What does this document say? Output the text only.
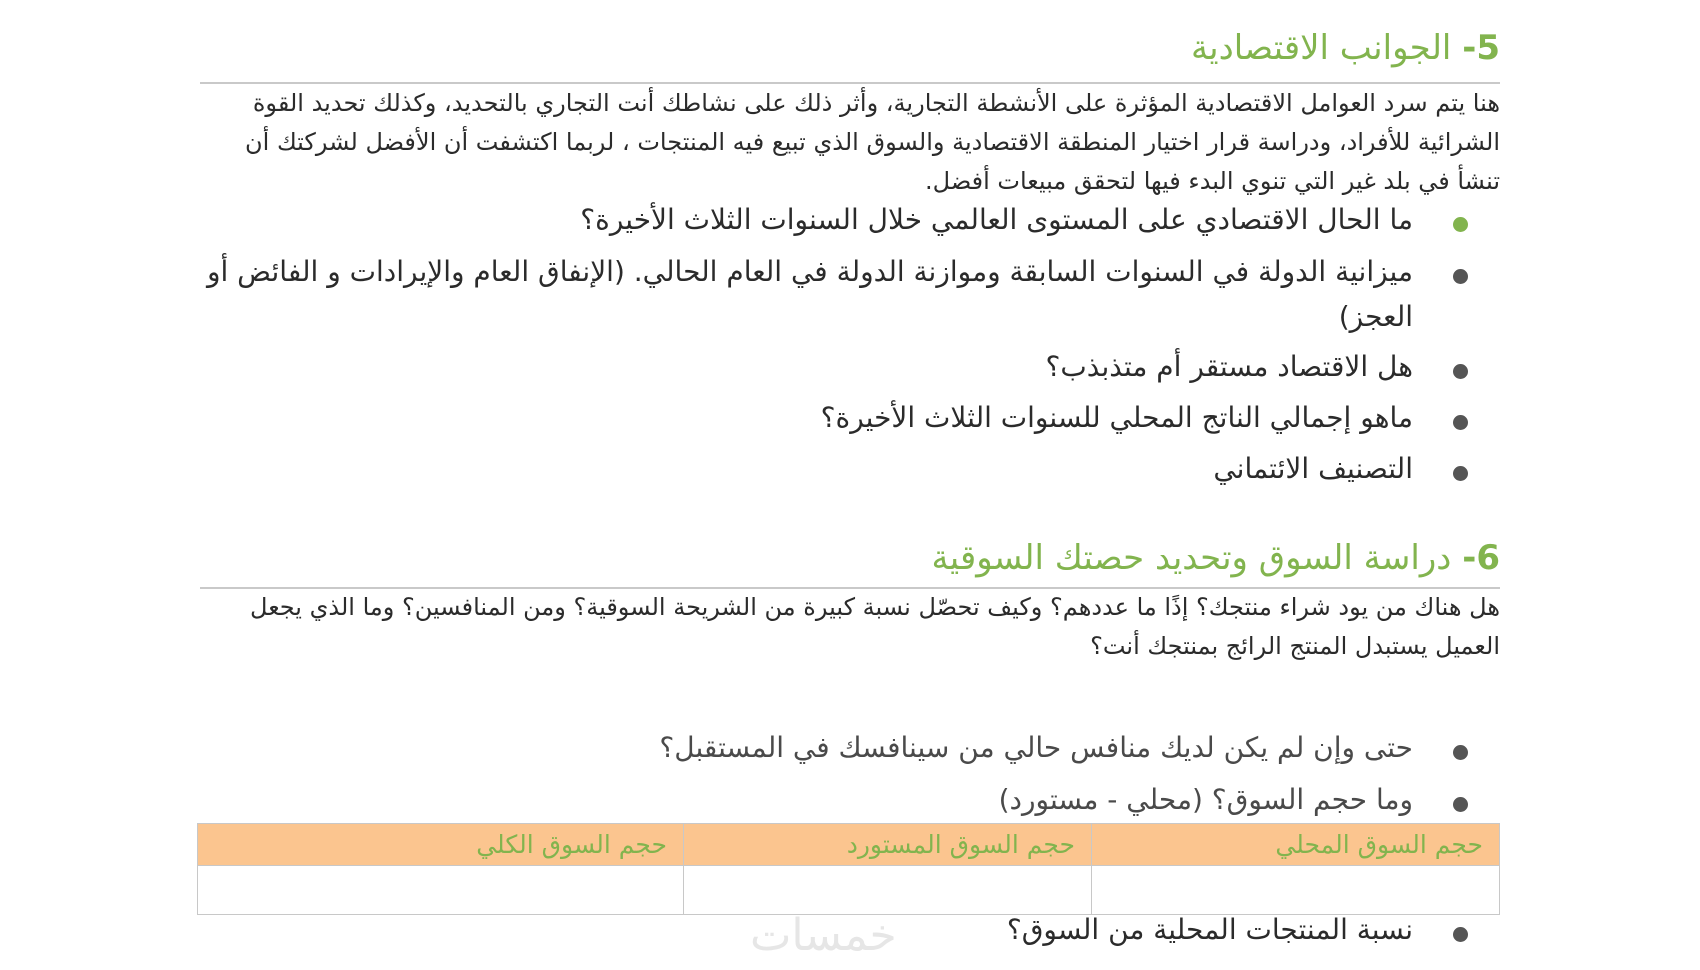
5- الجوانب الاقتصادية
هنا يتم سرد العوامل الاقتصادية المؤثرة على الأنشطة التجارية، وأثر ذلك على نشاطك أنت التجاري بالتحديد، وكذلك تحديد القوة الشرائية للأفراد، ودراسة قرار اختيار المنطقة الاقتصادية والسوق الذي تبيع فيه المنتجات ، لربما اكتشفت أن الأفضل لشركتك أن تنشأ في بلد غير التي تنوي البدء فيها لتحقق مبيعات أفضل.
ما الحال الاقتصادي على المستوى العالمي خلال السنوات الثلاث الأخيرة؟
ميزانية الدولة في السنوات السابقة وموازنة الدولة في العام الحالي. (الإنفاق العام والإيرادات و الفائض أو العجز)
هل الاقتصاد مستقر أم متذبذب؟
ماهو إجمالي الناتج المحلي للسنوات الثلاث الأخيرة؟
التصنيف الائتماني
6- دراسة السوق وتحديد حصتك السوقية
هل هناك من يود شراء منتجك؟ إذًا ما عددهم؟ وكيف تحصّل نسبة كبيرة من الشريحة السوقية؟ ومن المنافسين؟ وما الذي يجعل العميل يستبدل المنتج الرائج بمنتجك أنت؟
حتى وإن لم يكن لديك منافس حالي من سينافسك في المستقبل؟
وما حجم السوق؟ (محلي - مستورد)
حجم السوق المحلي	حجم السوق المستورد	حجم السوق الكلي

نسبة المنتجات المحلية من السوق؟
خمسات
